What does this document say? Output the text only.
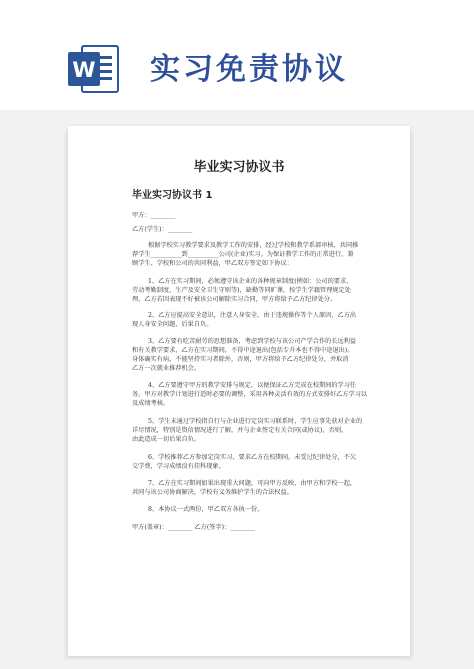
W 实习免责协议
毕业实习协议书
毕业实习协议书 1
甲方：________
乙方(学生)：________
根据学校实习教学要求及教学工作的安排，经过学校和教学系部审核，共同推
荐学生__________到__________公司(企业)实习。为保证教学工作的正常进行，兼
顾学生、学校和公司的共同利益，甲乙双方签定如下协议：
1、乙方在实习期间，必须遵守该企业的各种规章制度(例如：公司的要求、
劳动考勤制度、生产及安全卫生守则等)，缺勤等同旷课，按学生学籍管理规定处
理。乙方若因表现不好被该公司解除实习合同，甲方将给予乙方纪律处分。
2、乙方应提高安全意识，注意人身安全。由于违规操作等个人原因，乙方出
现人身安全问题，后果自负。
3、乙方要有吃苦耐劳的思想准备，考虑到学校与该公司产学合作的长远利益
和有关教学要求，乙方在实习期间，不得中途退出(包括专升本也不得中途退出)。
身体确实有病，不能坚持实习者除外，否则，甲方将给予乙方纪律处分，并取消
乙方一次就业推荐机会。
4、乙方要遵守甲方的教学安排与规定，以便保证乙方完成在校期间的学习任
务。甲方对教学计划进行适时必要的调整，采用各种灵活有效的方式安排好乙方学习以
及成绩考核。
5、学生未通过学校指自行与企业进行定岗实习联系时，学生应事先获对企业的
详尽情况，特别是资信情况进行了解，并与企业签定有关合同(或协议)，否则，
由此造成一切后果自负。
6、学校推荐乙方参加定岗实习，要求乙方在校期间，未受过纪律处分，不欠
交学费，学习成绩没有挂科现象。
7、乙方在实习期间如果出现重大问题，可向甲方反映，由甲方和学校一起，
共同与该公司协商解决，学校有义务维护学生的合法权益。
8、本协议一式两份，甲乙双方各执一份。
甲方(盖章)：________ 乙方(签字)：________
